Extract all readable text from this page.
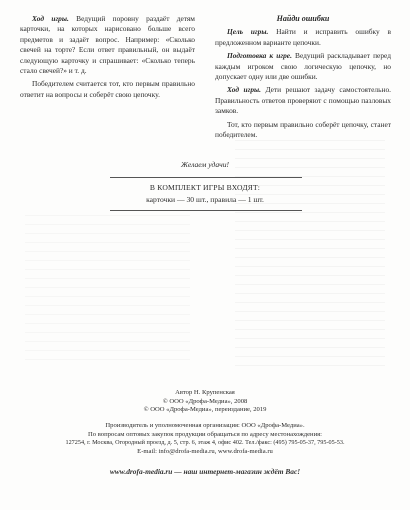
Ход игры. Ведущий поровну раздаёт детям карточки, на которых нарисовано больше всего предметов и задаёт вопрос. Например: «Сколько свечей на торте? Если ответ правильный, он выдаёт следующую карточку и спрашивает: «Сколько теперь стало свечей?» и т. д.

Победителем считается тот, кто первым правильно ответит на вопросы и соберёт свою цепочку.

Найди ошибки

Цель игры. Найти и исправить ошибку в предложенном варианте цепочки.

Подготовка к игре. Ведущий раскладывает перед каждым игроком свою логическую цепочку, но допускает одну или две ошибки.

Ход игры. Дети решают задачу самостоятельно. Правильность ответов проверяют с помощью пазловых замков.

Тот, кто первым правильно соберёт цепочку, станет победителем.

Желаем удачи!
В КОМПЛЕКТ ИГРЫ ВХОДЯТ:
карточки — 30 шт., правила — 1 шт.
Автор Н. Крупенская
© ООО «Дрофа-Медиа», 2008
© ООО «Дрофа-Медиа», переиздание, 2019
Производитель и уполномоченная организация: ООО «Дрофа-Медиа».
По вопросам оптовых закупок продукции обращаться по адресу местонахождения:
127254, г. Москва, Огородный проезд, д. 5, стр. 6, этаж 4, офис 402. Тел./факс: (495) 795-05-37, 795-05-53.
E-mail: info@drofa-media.ru, www.drofa-media.ru
www.drofa-media.ru — наш интернет-магазин ждёт Вас!
